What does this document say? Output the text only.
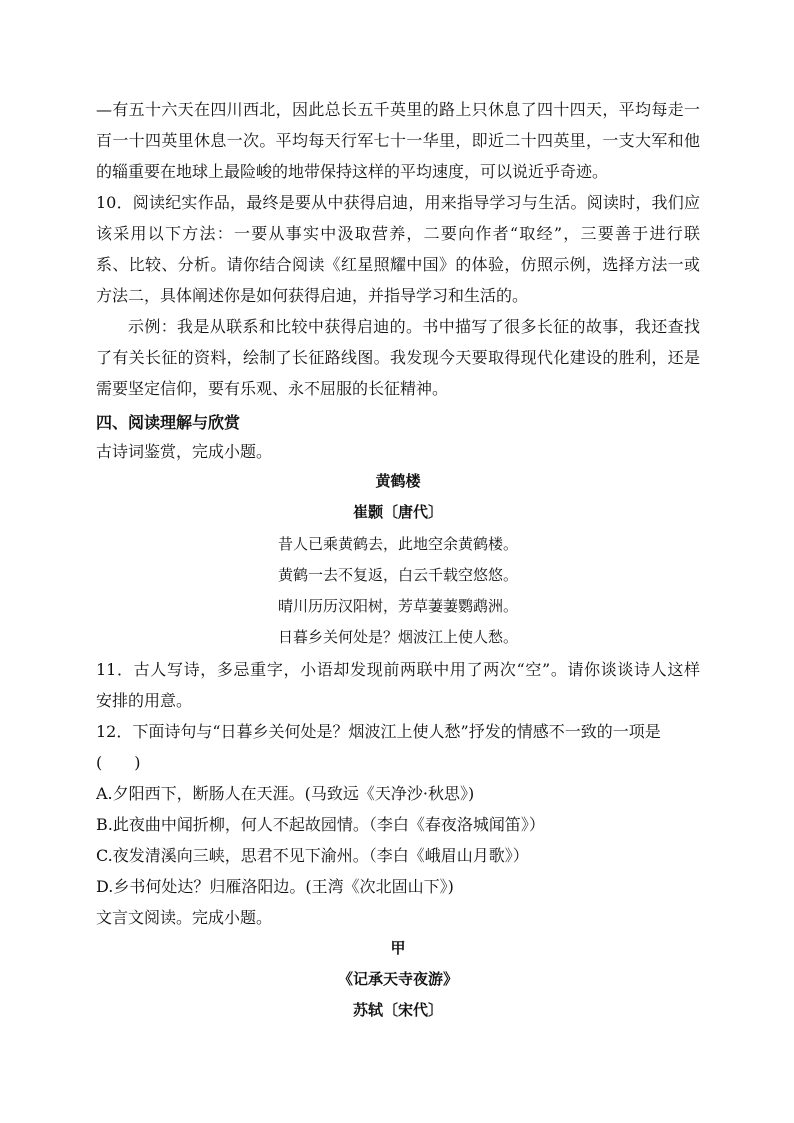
—有五十六天在四川西北，因此总长五千英里的路上只休息了四十四天，平均每走一
百一十四英里休息一次。平均每天行军七十一华里，即近二十四英里，一支大军和他
的辎重要在地球上最险峻的地带保持这样的平均速度，可以说近乎奇迹。
10．阅读纪实作品，最终是要从中获得启迪，用来指导学习与生活。阅读时，我们应
该采用以下方法：一要从事实中汲取营养，二要向作者“取经”，三要善于进行联
系、比较、分析。请你结合阅读《红星照耀中国》的体验，仿照示例，选择方法一或
方法二，具体阐述你是如何获得启迪，并指导学习和生活的。
示例：我是从联系和比较中获得启迪的。书中描写了很多长征的故事，我还查找
了有关长征的资料，绘制了长征路线图。我发现今天要取得现代化建设的胜利，还是
需要坚定信仰，要有乐观、永不屈服的长征精神。
四、阅读理解与欣赏
古诗词鉴赏，完成小题。
黄鹤楼
崔颢〔唐代〕
昔人已乘黄鹤去，此地空余黄鹤楼。
黄鹤一去不复返，白云千载空悠悠。
晴川历历汉阳树，芳草萋萋鹦鹉洲。
日暮乡关何处是？烟波江上使人愁。
11．古人写诗，多忌重字，小语却发现前两联中用了两次“空”。请你谈谈诗人这样
安排的用意。
12．下面诗句与“日暮乡关何处是？烟波江上使人愁”抒发的情感不一致的一项是
(　　)
A.夕阳西下，断肠人在天涯。(马致远《天净沙·秋思》)
B.此夜曲中闻折柳，何人不起故园情。（李白《春夜洛城闻笛》）
C.夜发清溪向三峡，思君不见下渝州。（李白《峨眉山月歌》）
D.乡书何处达？归雁洛阳边。(王湾《次北固山下》)
文言文阅读。完成小题。
甲
《记承天寺夜游》
苏轼〔宋代〕
